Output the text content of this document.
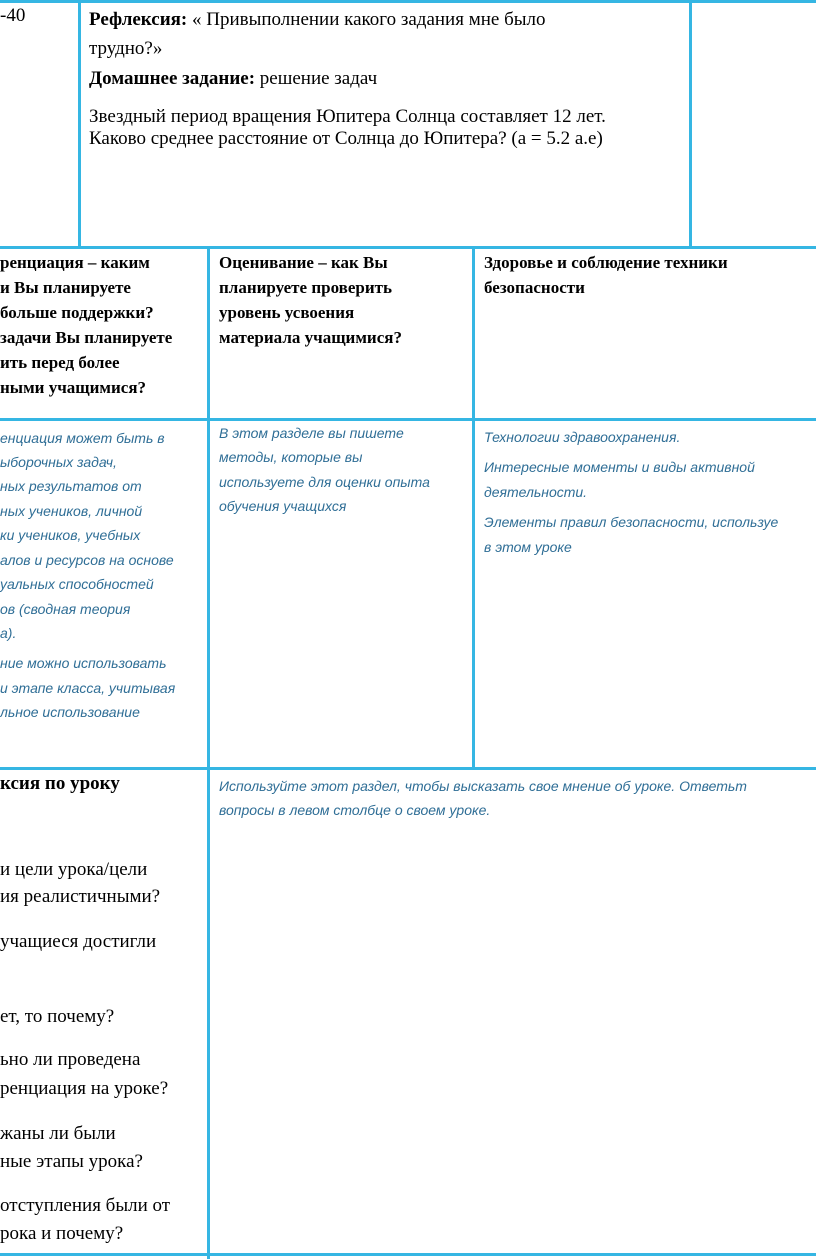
-40	Рефлексия: « Привыполнении какого задания мне было
трудно?»
Домашнее задание: решение задач
Звездный период вращения Юпитера Солнца составляет 12 лет.
Каково среднее расстояние от Солнца до Юпитера? (а = 5.2 а.е)
ренциация – каким
и Вы планируете
больше поддержки?
задачи Вы планируете
ить перед более
ными учащимися?
Оценивание – как Вы
планируете проверить
уровень усвоения
материала учащимися?
Здоровье и соблюдение техники
безопасности
енциация может быть в
ыборочных задач,
ных результатов от
ных учеников, личной
ки учеников, учебных
алов и ресурсов на основе
уальных способностей
ов (сводная теория
а).
ние можно использовать
и этапе класса, учитывая
льное использование
В этом разделе вы пишете
методы, которые вы
используете для оценки опыта
обучения учащихся
Технологии здравоохранения.
Интересные моменты и виды активной
деятельности.
Элементы правил безопасности, используе
в этом уроке
ксия по уроку
и цели урока/цели
ия реалистичными?
учащиеся достигли
ет, то почему?
ьно ли проведена
ренциация на уроке?
жаны ли были
ные этапы урока?
отступления были от
рока и почему?
Используйте этот раздел, чтобы высказать свое мнение об уроке. Ответьт
вопросы в левом столбце о своем уроке.
